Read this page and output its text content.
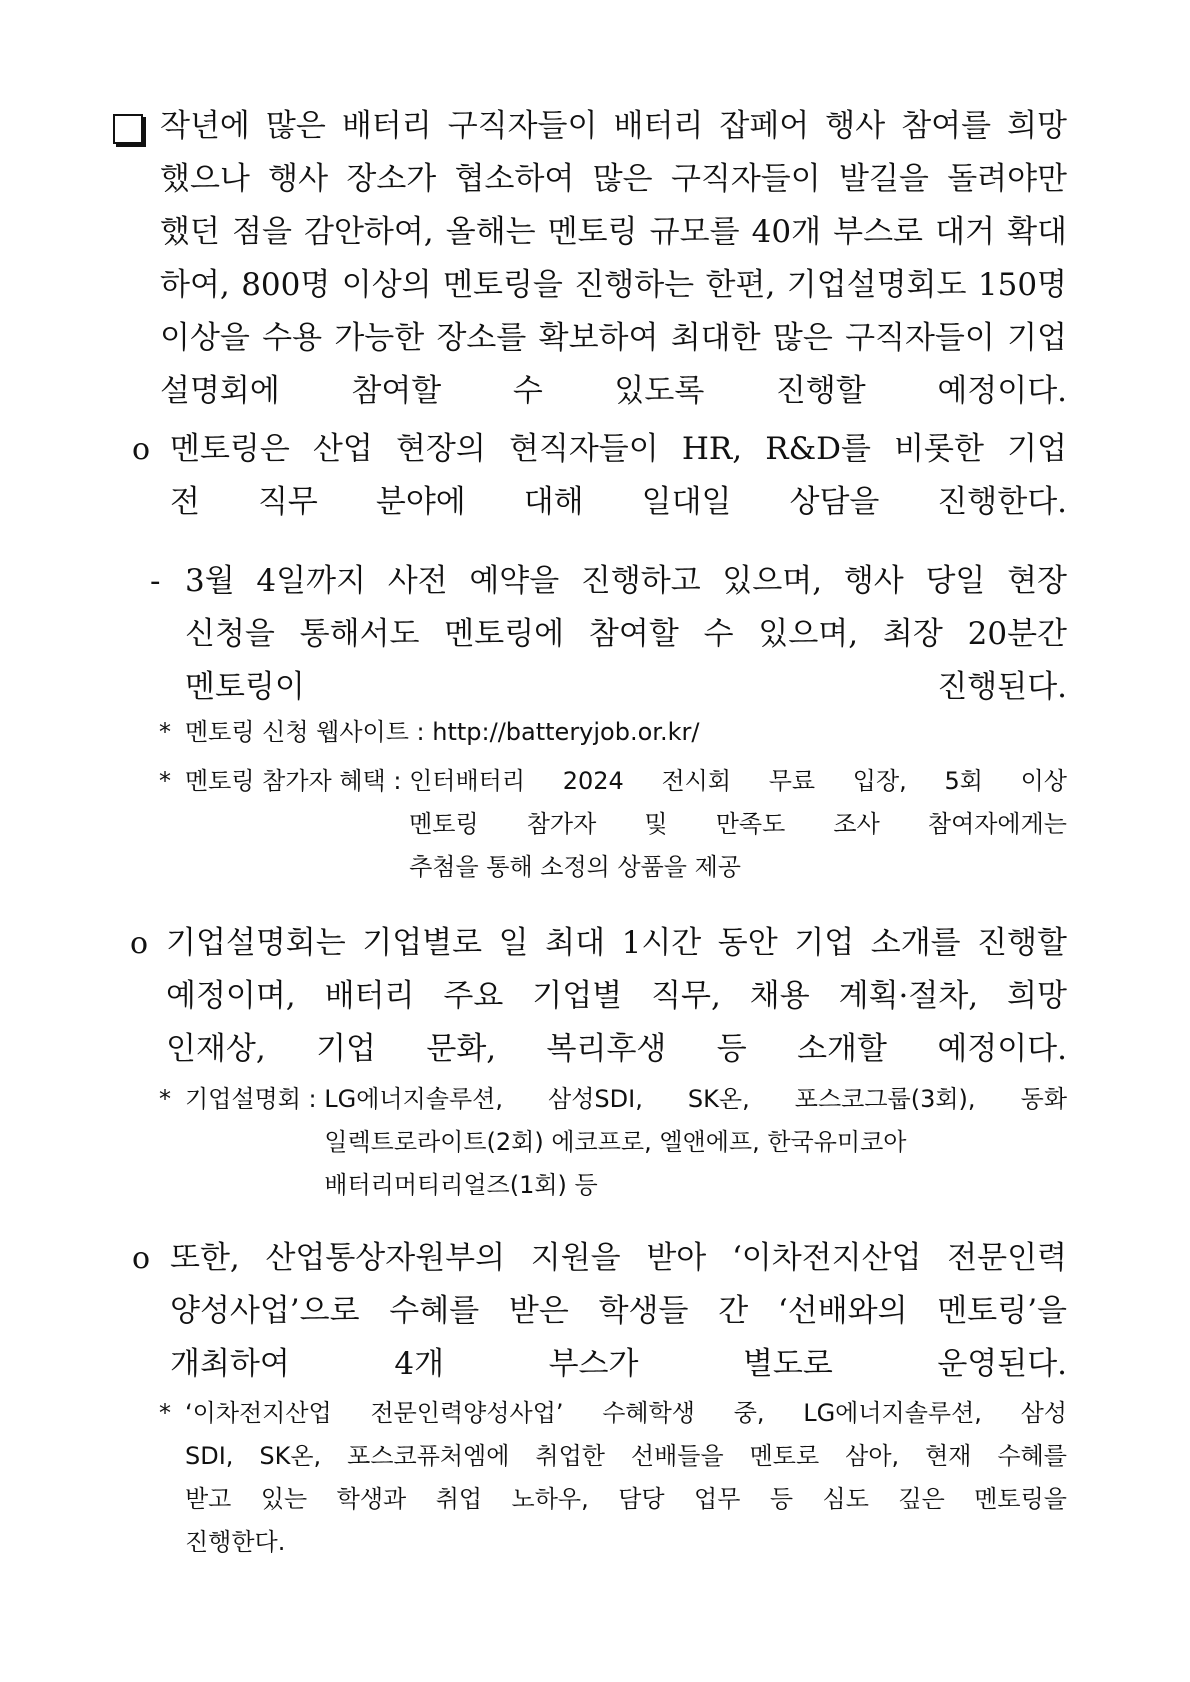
작년에 많은 배터리 구직자들이 배터리 잡페어 행사 참여를 희망
했으나 행사 장소가 협소하여 많은 구직자들이 발길을 돌려야만
했던 점을 감안하여, 올해는 멘토링 규모를 40개 부스로 대거 확대
하여, 800명 이상의 멘토링을 진행하는 한편, 기업설명회도 150명
이상을 수용 가능한 장소를 확보하여 최대한 많은 구직자들이 기업
설명회에 참여할 수 있도록 진행할 예정이다.
o 멘토링은 산업 현장의 현직자들이 HR, R&D를 비롯한 기업
전 직무 분야에 대해 일대일 상담을 진행한다.
- 3월 4일까지 사전 예약을 진행하고 있으며, 행사 당일 현장
신청을 통해서도 멘토링에 참여할 수 있으며, 최장 20분간
멘토링이 진행된다.
* 멘토링 신청 웹사이트 : http://batteryjob.or.kr/
* 멘토링 참가자 혜택 : 인터배터리 2024 전시회 무료 입장, 5회 이상
멘토링 참가자 및 만족도 조사 참여자에게는
추첨을 통해 소정의 상품을 제공
o 기업설명회는 기업별로 일 최대 1시간 동안 기업 소개를 진행할
예정이며, 배터리 주요 기업별 직무, 채용 계획·절차, 희망
인재상, 기업 문화, 복리후생 등 소개할 예정이다.
* 기업설명회 : LG에너지솔루션, 삼성SDI, SK온, 포스코그룹(3회), 동화
일렉트로라이트(2회) 에코프로, 엘앤에프, 한국유미코아
배터리머티리얼즈(1회) 등
o 또한, 산업통상자원부의 지원을 받아 ‘이차전지산업 전문인력
양성사업’으로 수혜를 받은 학생들 간 ‘선배와의 멘토링’을
개최하여 4개 부스가 별도로 운영된다.
* ‘이차전지산업 전문인력양성사업’ 수혜학생 중, LG에너지솔루션, 삼성
SDI, SK온, 포스코퓨처엠에 취업한 선배들을 멘토로 삼아, 현재 수혜를
받고 있는 학생과 취업 노하우, 담당 업무 등 심도 깊은 멘토링을
진행한다.
